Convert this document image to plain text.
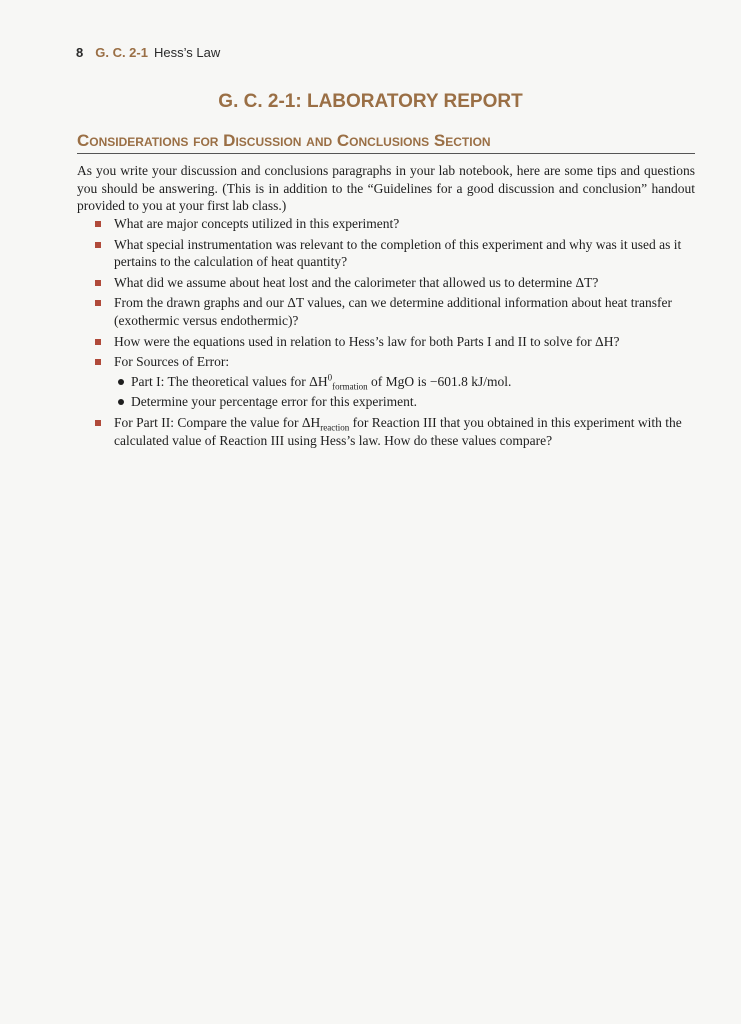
8 G. C. 2-1 Hess’s Law
G. C. 2-1: LABORATORY REPORT
Considerations for Discussion and Conclusions Section

As you write your discussion and conclusions paragraphs in your lab notebook, here are some tips and questions you should be answering. (This is in addition to the “Guidelines for a good discussion and conclusion” handout provided to you at your first lab class.)

What are major concepts utilized in this experiment?
What special instrumentation was relevant to the completion of this experiment and why was it used as it pertains to the calculation of heat quantity?
What did we assume about heat lost and the calorimeter that allowed us to determine ΔT?
From the drawn graphs and our ΔT values, can we determine additional information about heat transfer (exothermic versus endothermic)?
How were the equations used in relation to Hess’s law for both Parts I and II to solve for ΔH?
For Sources of Error:
Part I: The theoretical values for $\Delta H^0_{formation}$ of MgO is −601.8 kJ/mol.
Determine your percentage error for this experiment.
For Part II: Compare the value for $\Delta H_{reaction}$ for Reaction III that you obtained in this experiment with the calculated value of Reaction III using Hess’s law. How do these values compare?
